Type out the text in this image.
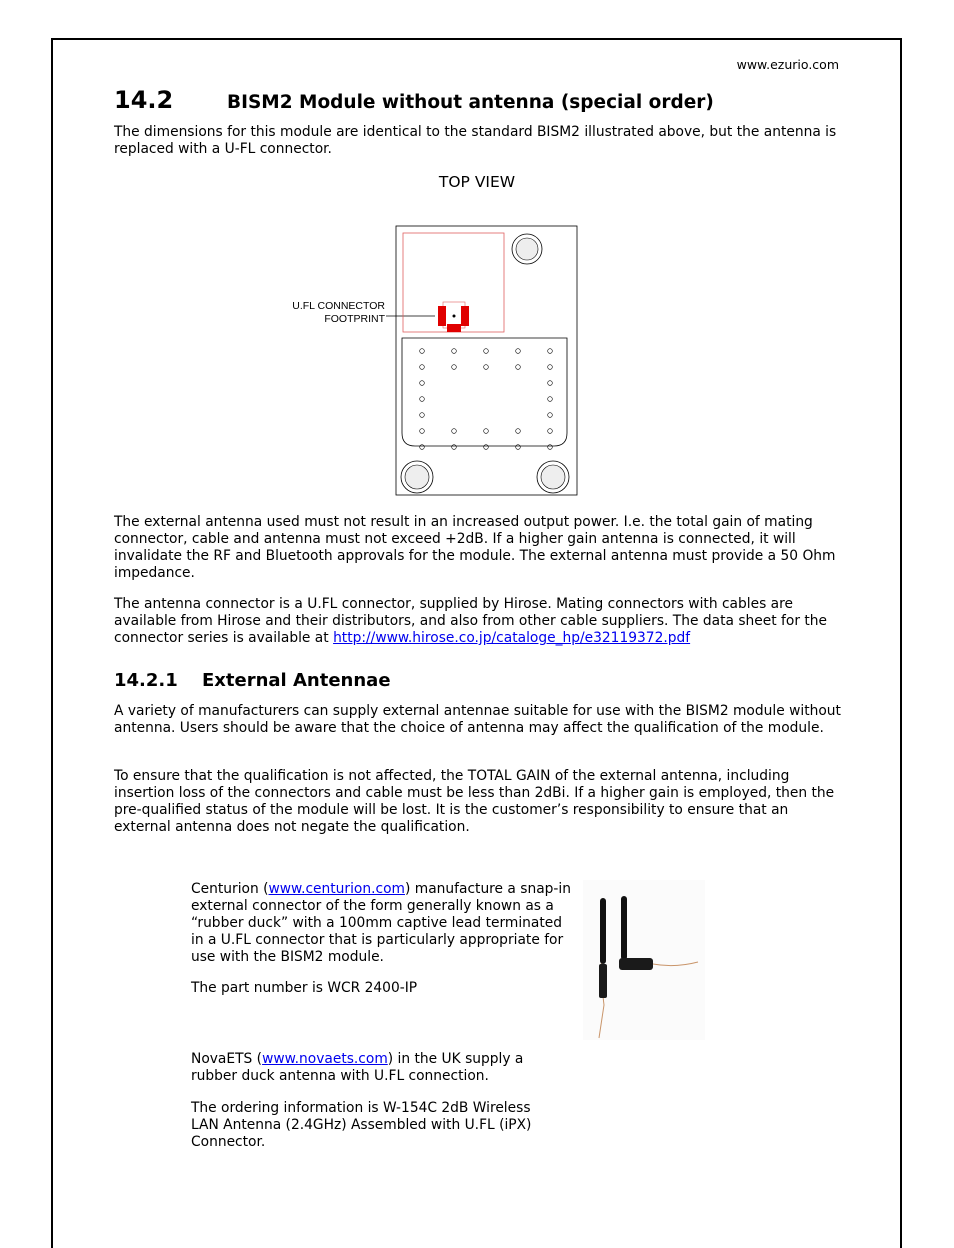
www.ezurio.com
14.2	BISM2 Module without antenna (special order)
The dimensions for this module are identical to the standard BISM2 illustrated above, but the antenna is replaced with a U-FL connector.
TOP VIEW
U.FL CONNECTOR
FOOTPRINT
The external antenna used must not result in an increased output power. I.e. the total gain of mating connector, cable and antenna must not exceed +2dB. If a higher gain antenna is connected, it will invalidate the RF and Bluetooth approvals for the module. The external antenna must provide a 50 Ohm impedance.
The antenna connector is a U.FL connector, supplied by Hirose. Mating connectors with cables are available from Hirose and their distributors, and also from other cable suppliers. The data sheet for the connector series is available at http://www.hirose.co.jp/cataloge_hp/e32119372.pdf
14.2.1 External Antennae
A variety of manufacturers can supply external antennae suitable for use with the BISM2 module without antenna. Users should be aware that the choice of antenna may affect the qualification of the module.
To ensure that the qualification is not affected, the TOTAL GAIN of the external antenna, including insertion loss of the connectors and cable must be less than 2dBi. If a higher gain is employed, then the pre-qualified status of the module will be lost. It is the customer’s responsibility to ensure that an external antenna does not negate the qualification.
Centurion (www.centurion.com) manufacture a snap-in external connector of the form generally known as a “rubber duck” with a 100mm captive lead terminated in a U.FL connector that is particularly appropriate for use with the BISM2 module.
The part number is WCR 2400-IP
NovaETS (www.novaets.com) in the UK supply a rubber duck antenna with U.FL connection.
The ordering information is W-154C 2dB Wireless LAN Antenna (2.4GHz) Assembled with U.FL (iPX) Connector.
